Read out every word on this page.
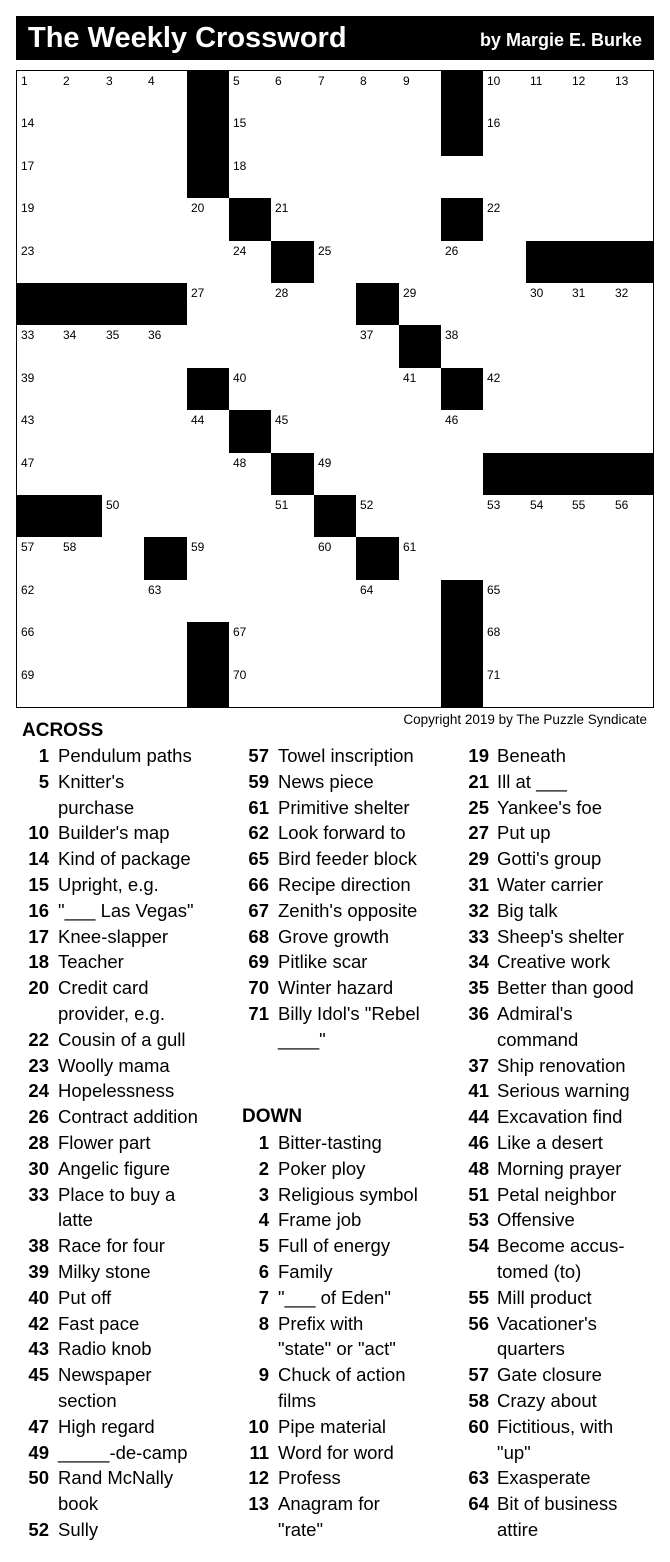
The Weekly Crossword	by Margie E. Burke
1	2	3	4	5	6	7	8	9	10 11 12 13
14	15	16
17	18
19	20	21	22
23	24	25	26
27	28	29	30 31 32
33 34 35 36	37	38
39	40	41	42
43	44	45	46
47	48	49
50	51	52	53 54 55 56
57 58	59	60	61
62	63	64	65
66	67	68
69	70	71
Copyright 2019 by The Puzzle Syndicate
ACROSS
1 Pendulum paths
5 Knitter's
purchase
10 Builder's map
14 Kind of package
15 Upright, e.g.
16 "___ Las Vegas"
17 Knee-slapper
18 Teacher
20 Credit card
provider, e.g.
22 Cousin of a gull
23 Woolly mama
24 Hopelessness
26 Contract addition
28 Flower part
30 Angelic figure
33 Place to buy a
latte
38 Race for four
39 Milky stone
40 Put off
42 Fast pace
43 Radio knob
45 Newspaper
section
47 High regard
49 _____-de-camp
50 Rand McNally
book
52 Sully
57 Towel inscription
59 News piece
61 Primitive shelter
62 Look forward to
65 Bird feeder block
66 Recipe direction
67 Zenith's opposite
68 Grove growth
69 Pitlike scar
70 Winter hazard
71 Billy Idol's "Rebel
____"
DOWN
1 Bitter-tasting
2 Poker ploy
3 Religious symbol
4 Frame job
5 Full of energy
6 Family
7 "___ of Eden"
8 Prefix with
"state" or "act"
9 Chuck of action
films
10 Pipe material
11 Word for word
12 Profess
13 Anagram for
"rate"
19 Beneath
21 Ill at ___
25 Yankee's foe
27 Put up
29 Gotti's group
31 Water carrier
32 Big talk
33 Sheep's shelter
34 Creative work
35 Better than good
36 Admiral's
command
37 Ship renovation
41 Serious warning
44 Excavation find
46 Like a desert
48 Morning prayer
51 Petal neighbor
53 Offensive
54 Become accus-
tomed (to)
55 Mill product
56 Vacationer's
quarters
57 Gate closure
58 Crazy about
60 Fictitious, with
"up"
63 Exasperate
64 Bit of business
attire
